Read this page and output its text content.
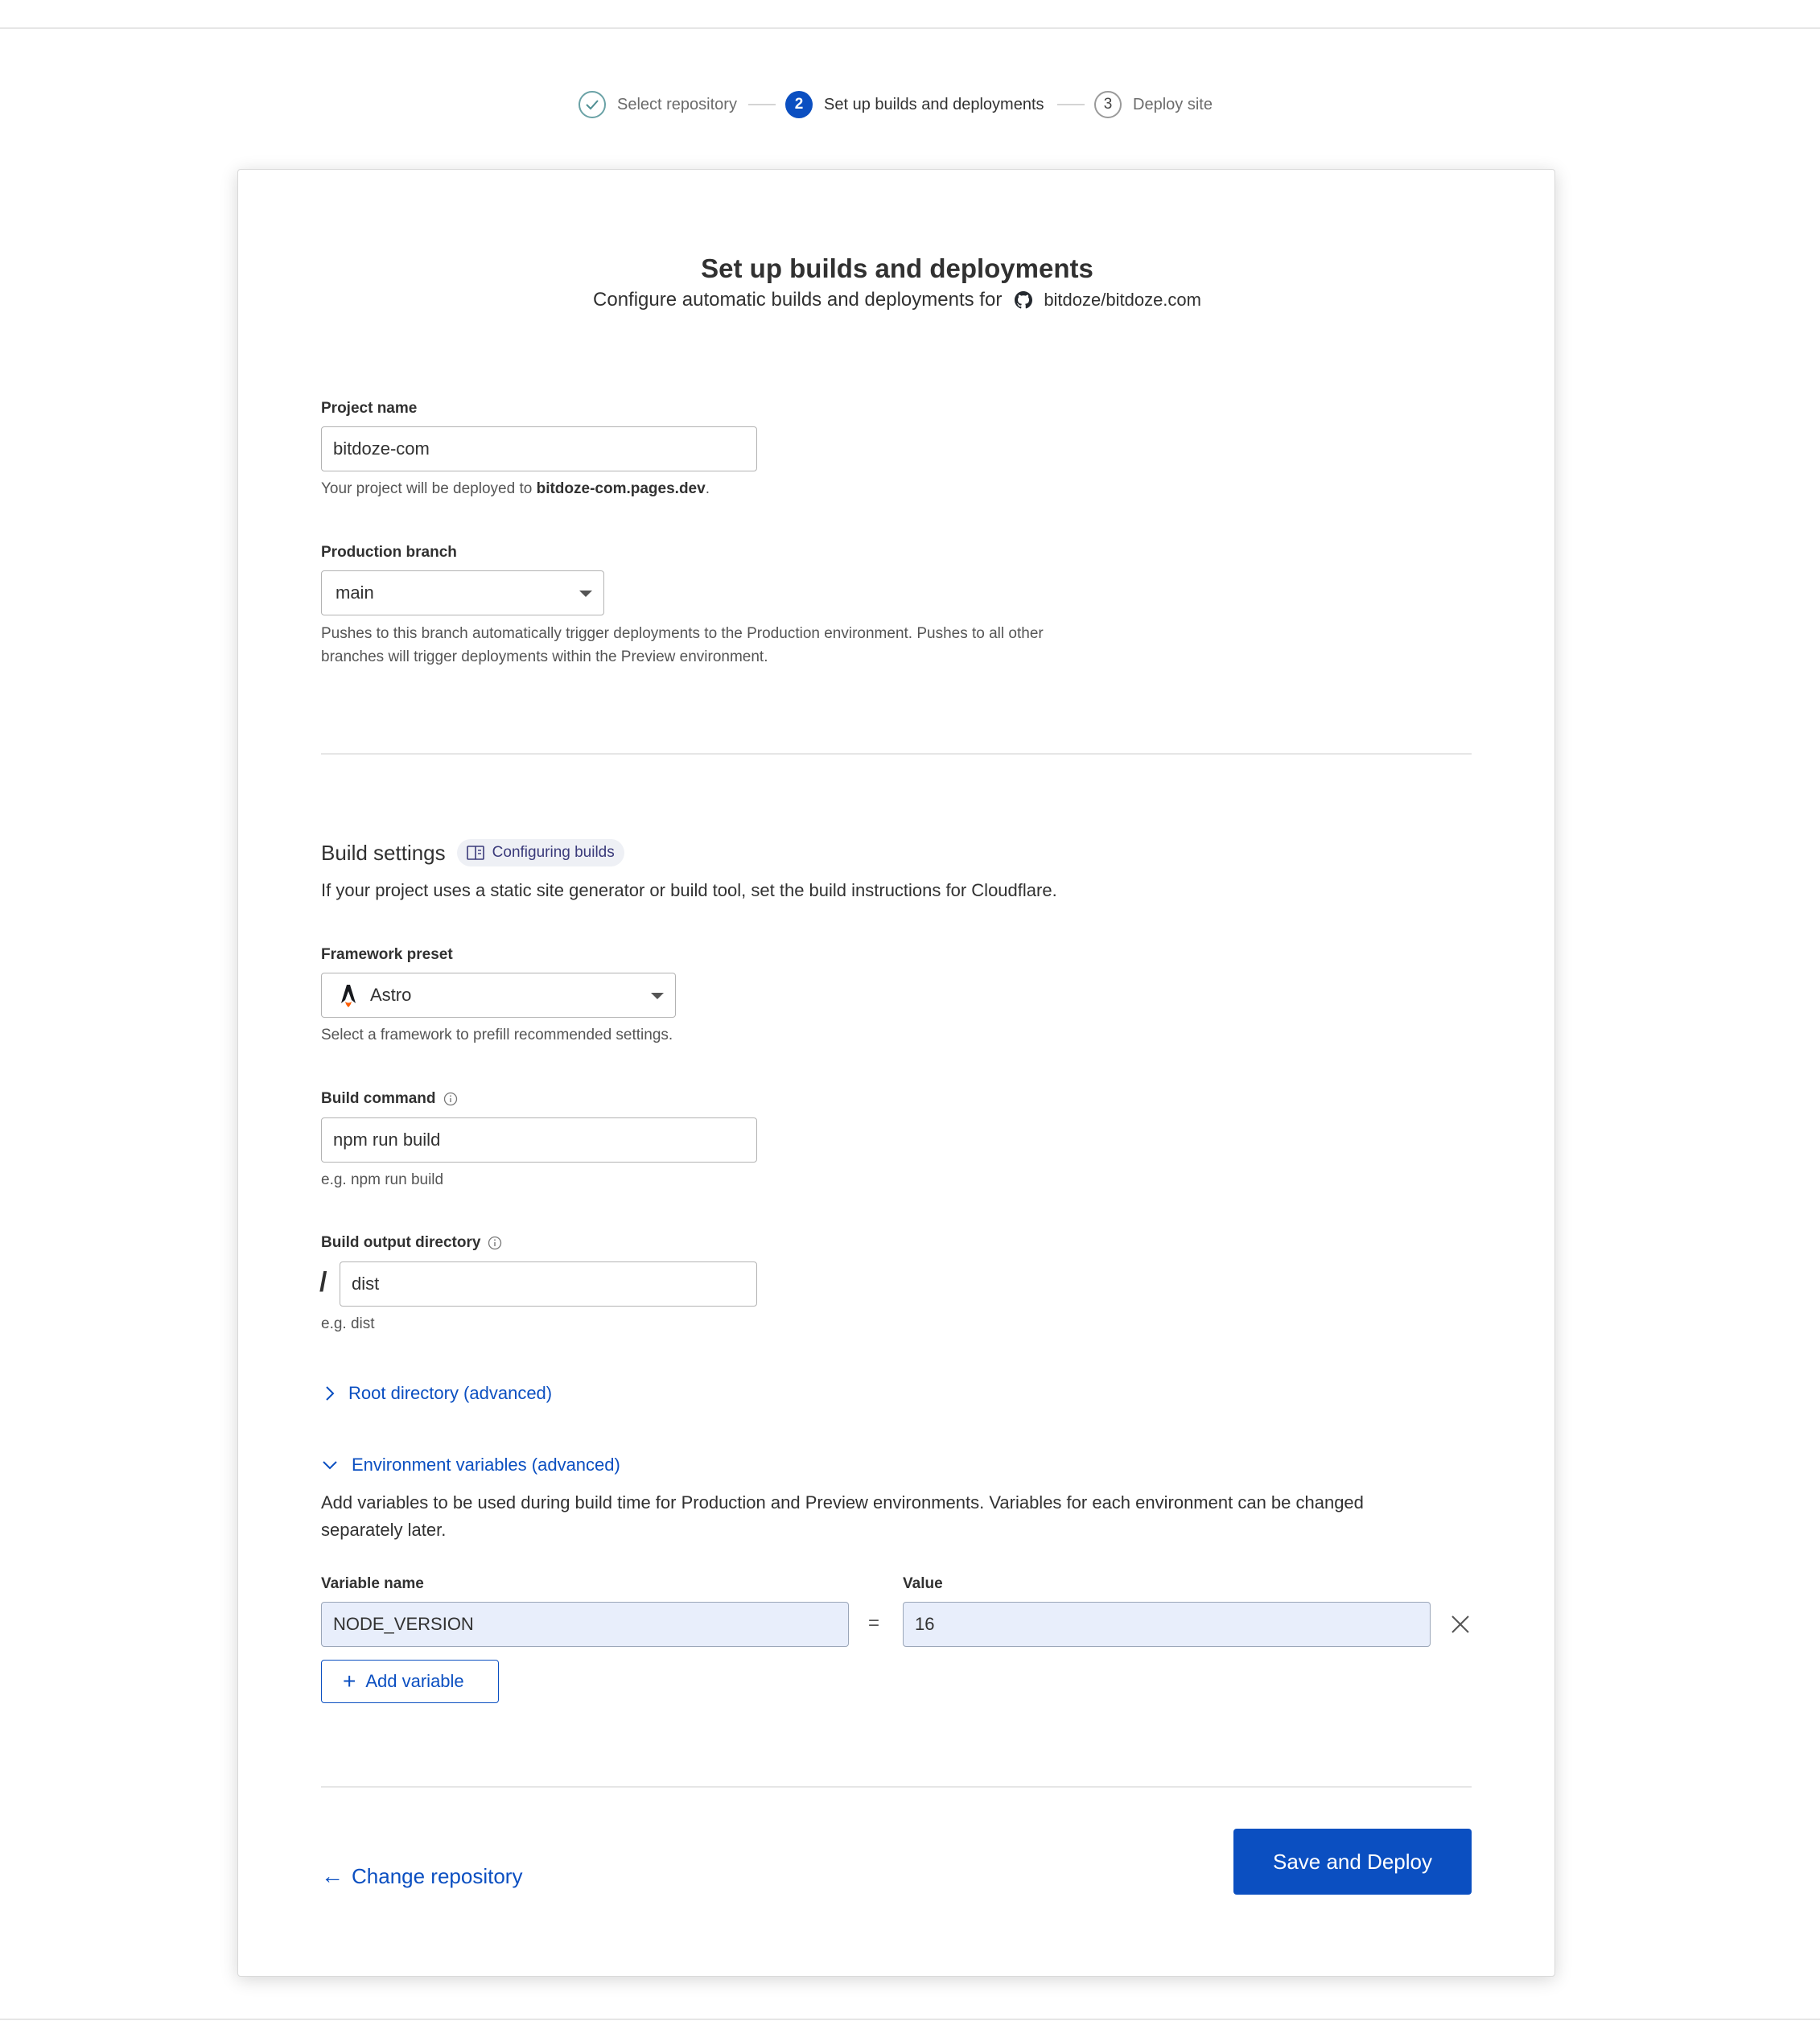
Select repository	2	Set up builds and deployments	3	Deploy site
Set up builds and deployments
Configure automatic builds and deployments for bitdoze/bitdoze.com
Project name
bitdoze-com
Your project will be deployed to bitdoze-com.pages.dev.
Production branch
main
Pushes to this branch automatically trigger deployments to the Production environment. Pushes to all other
branches will trigger deployments within the Preview environment.
Build settings	Configuring builds
If your project uses a static site generator or build tool, set the build instructions for Cloudflare.
Framework preset
Astro
Select a framework to prefill recommended settings.
Build command
npm run build
e.g. npm run build
Build output directory
/	dist
e.g. dist
Root directory (advanced)
Environment variables (advanced)
Add variables to be used during build time for Production and Preview environments. Variables for each environment can be changed
separately later.
Variable name	Value
NODE_VERSION	=	16
+ Add variable
← Change repository
Save and Deploy
